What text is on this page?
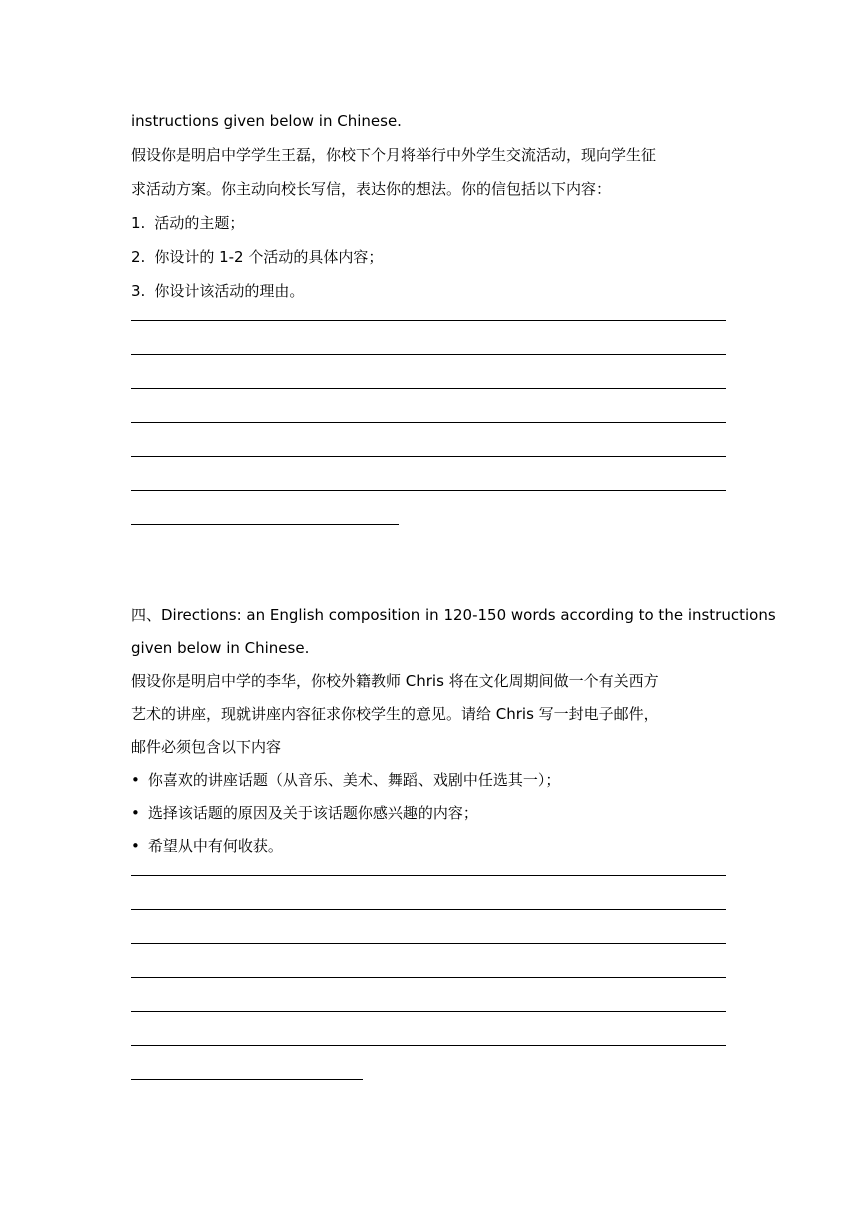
instructions given below in Chinese.
假设你是明启中学学生王磊，你校下个月将举行中外学生交流活动，现向学生征
求活动方案。你主动向校长写信，表达你的想法。你的信包括以下内容：
1. 活动的主题；
2. 你设计的 1-2 个活动的具体内容；
3. 你设计该活动的理由。
四、Directions: an English composition in 120-150 words according to the instructions
given below in Chinese.
假设你是明启中学的李华，你校外籍教师 Chris 将在文化周期间做一个有关西方
艺术的讲座，现就讲座内容征求你校学生的意见。请给 Chris 写一封电子邮件，
邮件必须包含以下内容
• 你喜欢的讲座话题（从音乐、美术、舞蹈、戏剧中任选其一）；
• 选择该话题的原因及关于该话题你感兴趣的内容；
• 希望从中有何收获。
